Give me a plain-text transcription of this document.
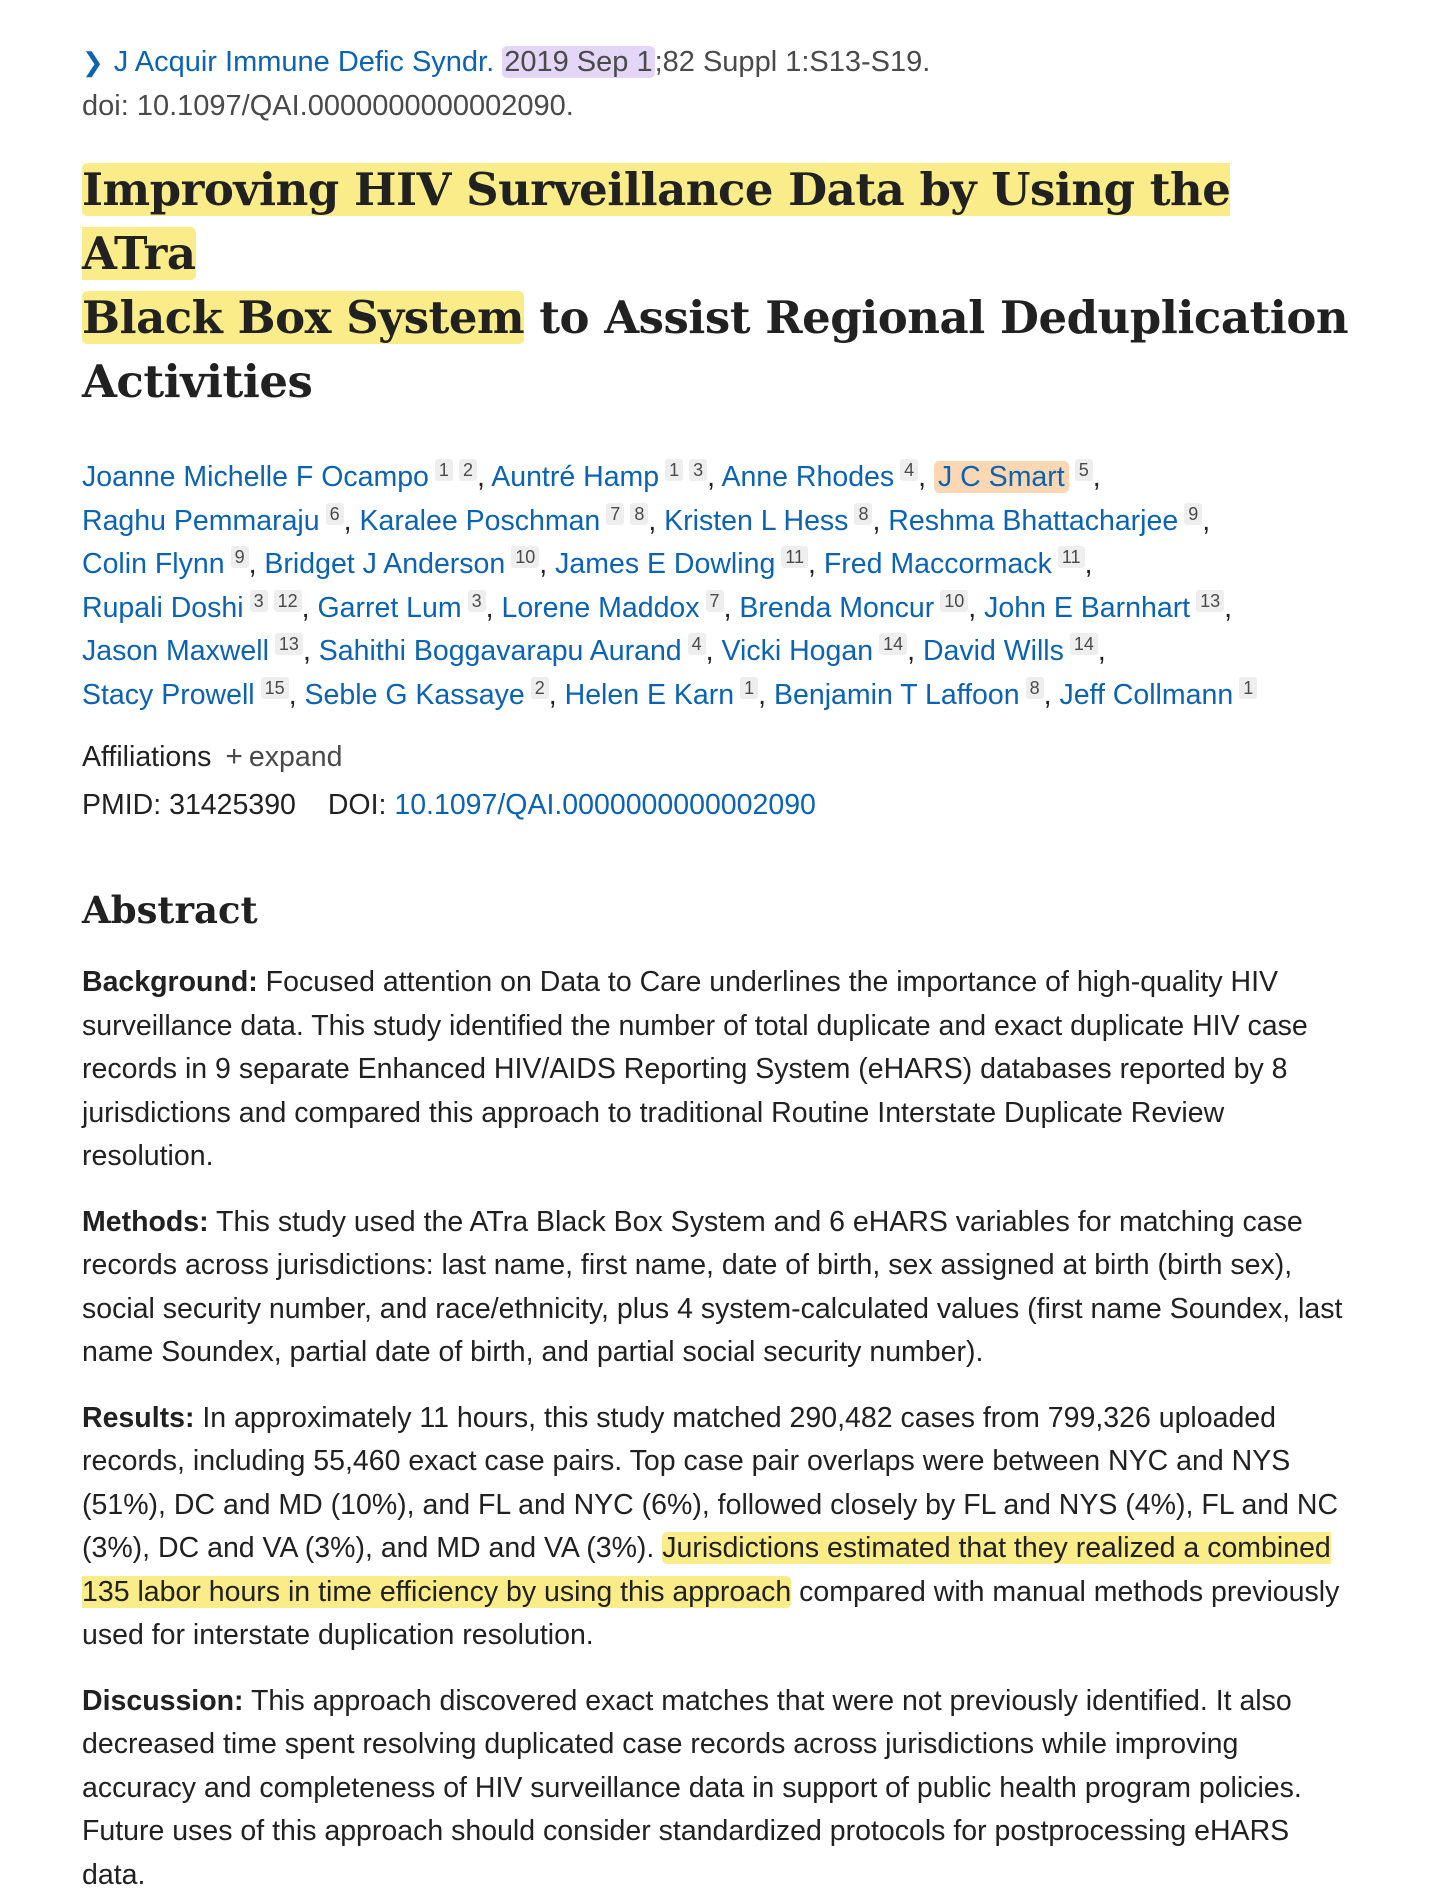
❯ J Acquir Immune Defic Syndr. 2019 Sep 1;82 Suppl 1:S13-S19.
doi: 10.1097/QAI.0000000000002090.
Improving HIV Surveillance Data by Using the ATra
Black Box System to Assist Regional Deduplication Activities
Joanne Michelle F Ocampo 1 2 , Auntré Hamp 1 3 , Anne Rhodes 4 , J C Smart 5 ,
Raghu Pemmaraju 6 , Karalee Poschman 7 8 , Kristen L Hess 8 , Reshma Bhattacharjee 9 ,
Colin Flynn 9 , Bridget J Anderson 10 , James E Dowling 11 , Fred Maccormack 11 ,
Rupali Doshi 3 12 , Garret Lum 3 , Lorene Maddox 7 , Brenda Moncur 10 , John E Barnhart 13 ,
Jason Maxwell 13 , Sahithi Boggavarapu Aurand 4 , Vicki Hogan 14 , David Wills 14 ,
Stacy Prowell 15 , Seble G Kassaye 2 , Helen E Karn 1 , Benjamin T Laffoon 8 , Jeff Collmann 1
Affiliations + expand
PMID: 31425390 DOI: 10.1097/QAI.0000000000002090
Abstract

Background: Focused attention on Data to Care underlines the importance of high-quality HIV surveillance data. This study identified the number of total duplicate and exact duplicate HIV case records in 9 separate Enhanced HIV/AIDS Reporting System (eHARS) databases reported by 8 jurisdictions and compared this approach to traditional Routine Interstate Duplicate Review resolution.

Methods: This study used the ATra Black Box System and 6 eHARS variables for matching case records across jurisdictions: last name, first name, date of birth, sex assigned at birth (birth sex), social security number, and race/ethnicity, plus 4 system-calculated values (first name Soundex, last name Soundex, partial date of birth, and partial social security number).

Results: In approximately 11 hours, this study matched 290,482 cases from 799,326 uploaded records, including 55,460 exact case pairs. Top case pair overlaps were between NYC and NYS (51%), DC and MD (10%), and FL and NYC (6%), followed closely by FL and NYS (4%), FL and NC (3%), DC and VA (3%), and MD and VA (3%). Jurisdictions estimated that they realized a combined 135 labor hours in time efficiency by using this approach compared with manual methods previously used for interstate duplication resolution.

Discussion: This approach discovered exact matches that were not previously identified. It also decreased time spent resolving duplicated case records across jurisdictions while improving accuracy and completeness of HIV surveillance data in support of public health program policies. Future uses of this approach should consider standardized protocols for postprocessing eHARS data.
